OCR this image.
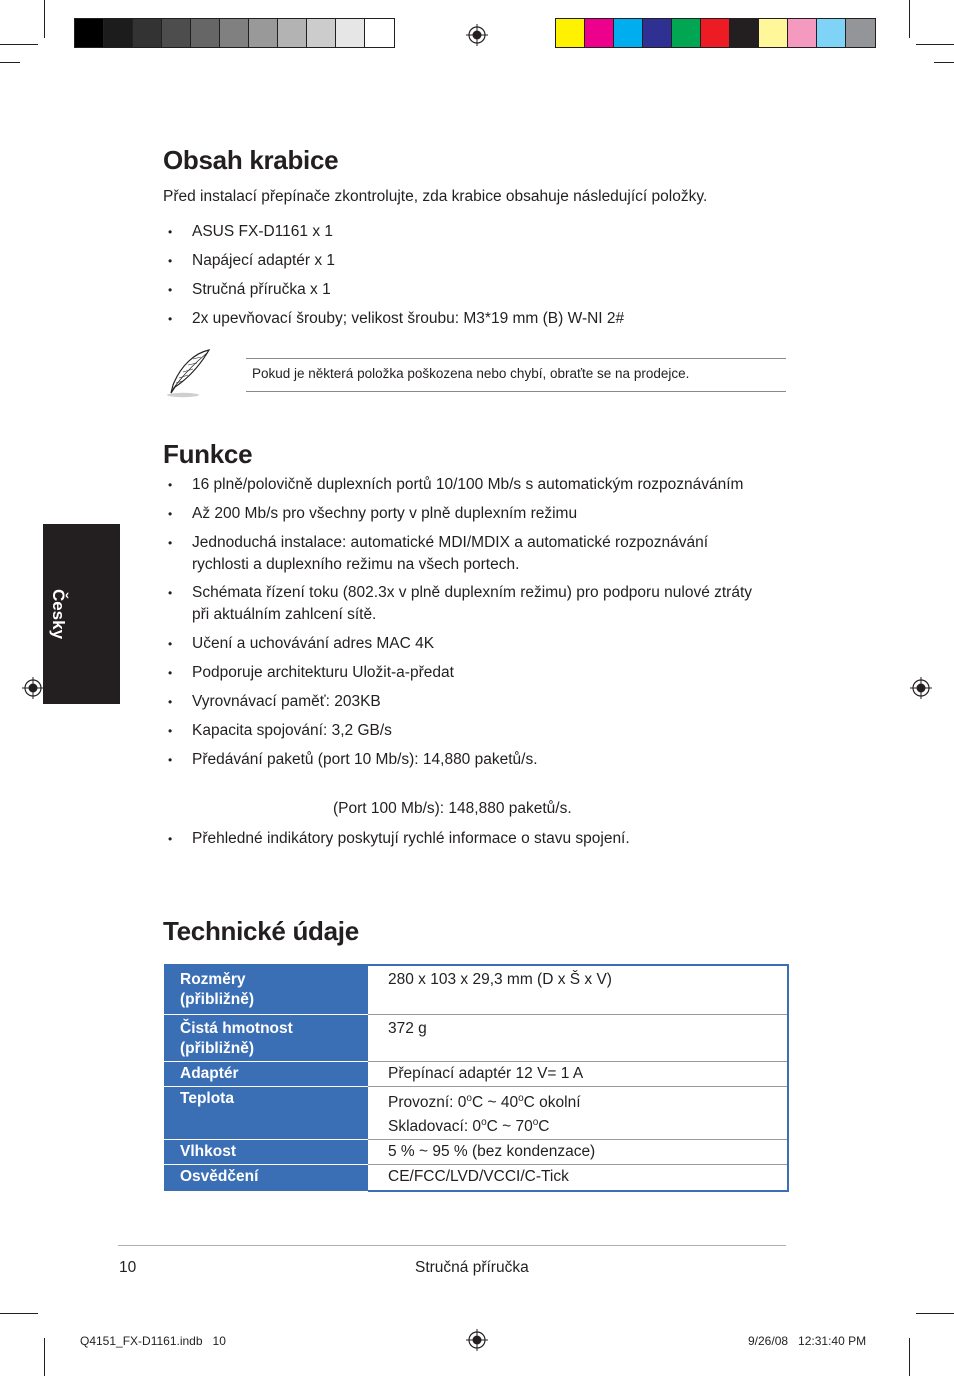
Obsah krabice
Před instalací přepínače zkontrolujte, zda krabice obsahuje následující položky.
• ASUS FX-D1161 x 1
• Napájecí adaptér x 1
• Stručná příručka x 1
• 2x upevňovací šrouby; velikost šroubu: M3*19 mm (B) W-NI 2#
Pokud je některá položka poškozena nebo chybí, obraťte se na prodejce.
Česky
Funkce
• 16 plně/polovičně duplexních portů 10/100 Mb/s s automatickým rozpoznáváním
• Až 200 Mb/s pro všechny porty v plně duplexním režimu
• Jednoduchá instalace: automatické MDI/MDIX a automatické rozpoznávání rychlosti a duplexního režimu na všech portech.
• Schémata řízení toku (802.3x v plně duplexním režimu) pro podporu nulové ztráty při aktuálním zahlcení sítě.
• Učení a uchovávání adres MAC 4K
• Podporuje architekturu Uložit-a-předat
• Vyrovnávací paměť: 203KB
• Kapacita spojování: 3,2 GB/s
• Předávání paketů (port 10 Mb/s): 14,880 paketů/s.
(Port 100 Mb/s): 148,880 paketů/s.
• Přehledné indikátory poskytují rychlé informace o stavu spojení.
Technické údaje
Rozměry
(přibližně)	280 x 103 x 29,3 mm (D x Š x V)
Čistá hmotnost
(přibližně)	372 g
Adaptér	Přepínací adaptér 12 V= 1 A
Teplota	Provozní: 0$^o$C ~ 40$^o$C okolní
Skladovací: 0$^o$C ~ 70$^o$C
Vlhkost	5 % ~ 95 % (bez kondenzace)
Osvědčení	CE/FCC/LVD/VCCI/C-Tick
10	Stručná příručka
Q4151_FX-D1161.indb   10	9/26/08   12:31:40 PM
